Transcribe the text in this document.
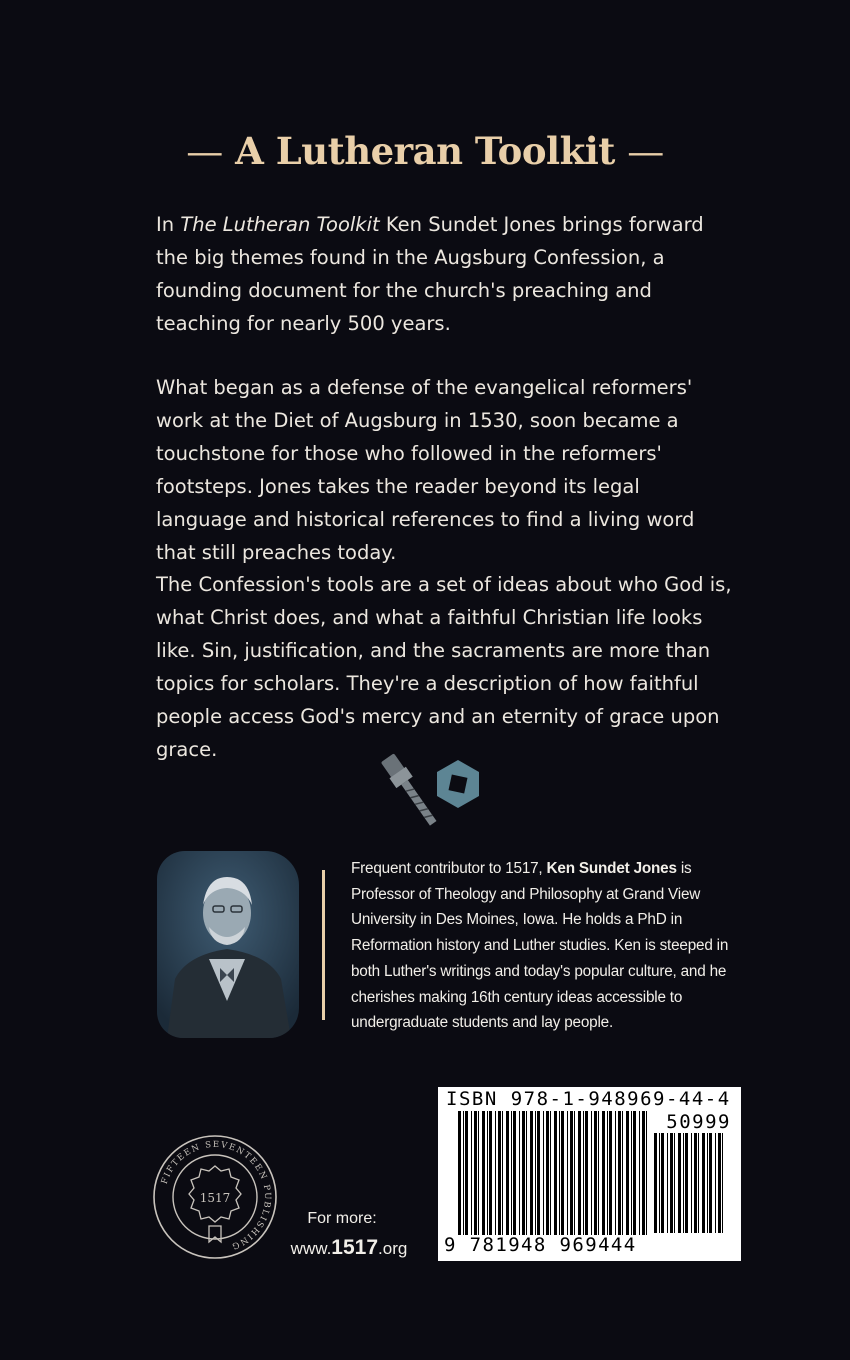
— A Lutheran Toolkit —

In The Lutheran Toolkit Ken Sundet Jones brings forward the big themes found in the Augsburg Confession, a founding document for the church's preaching and teaching for nearly 500 years.

What began as a defense of the evangelical reformers' work at the Diet of Augsburg in 1530, soon became a touchstone for those who followed in the reformers' footsteps. Jones takes the reader beyond its legal language and historical references to find a living word that still preaches today.

The Confession's tools are a set of ideas about who God is, what Christ does, and what a faithful Christian life looks like. Sin, justification, and the sacraments are more than topics for scholars. They're a description of how faithful people access God's mercy and an eternity of grace upon grace.

Frequent contributor to 1517, Ken Sundet Jones is Professor of Theology and Philosophy at Grand View University in Des Moines, Iowa. He holds a PhD in Reformation history and Luther studies. Ken is steeped in both Luther's writings and today's popular culture, and he cherishes making 16th century ideas accessible to undergraduate students and lay people.
FIFTEEN SEVENTEEN PUBLISHING
1517
For more:
www.1517.org
ISBN 978-1-948969-44-4
50999
9 781948 969444
